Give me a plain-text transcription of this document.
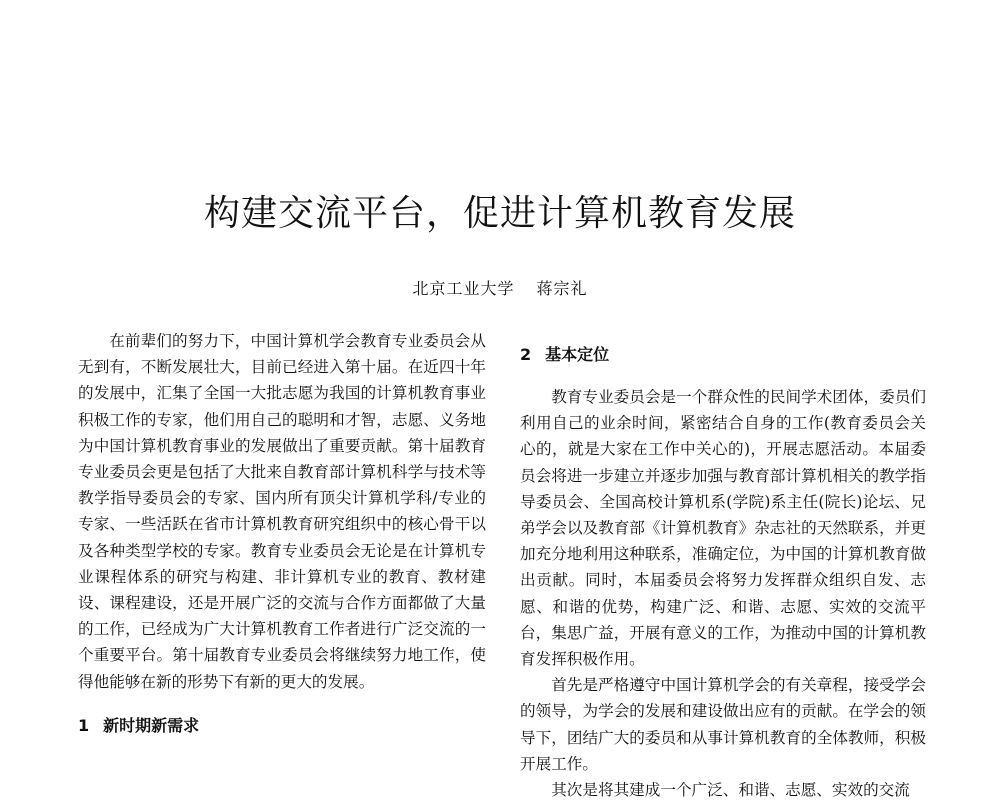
构建交流平台，促进计算机教育发展
北京工业大学 蒋宗礼

在前辈们的努力下，中国计算机学会教育专业委员会从无到有，不断发展壮大，目前已经进入第十届。在近四十年的发展中，汇集了全国一大批志愿为我国的计算机教育事业积极工作的专家，他们用自己的聪明和才智，志愿、义务地为中国计算机教育事业的发展做出了重要贡献。第十届教育专业委员会更是包括了大批来自教育部计算机科学与技术等教学指导委员会的专家、国内所有顶尖计算机学科/专业的专家、一些活跃在省市计算机教育研究组织中的核心骨干以及各种类型学校的专家。教育专业委员会无论是在计算机专业课程体系的研究与构建、非计算机专业的教育、教材建设、课程建设，还是开展广泛的交流与合作方面都做了大量的工作，已经成为广大计算机教育工作者进行广泛交流的一个重要平台。第十届教育专业委员会将继续努力地工作，使得他能够在新的形势下有新的更大的发展。

1 新时期新需求
2 基本定位

教育专业委员会是一个群众性的民间学术团体，委员们利用自己的业余时间，紧密结合自身的工作(教育委员会关心的，就是大家在工作中关心的)，开展志愿活动。本届委员会将进一步建立并逐步加强与教育部计算机相关的教学指导委员会、全国高校计算机系(学院)系主任(院长)论坛、兄弟学会以及教育部《计算机教育》杂志社的天然联系，并更加充分地利用这种联系，准确定位，为中国的计算机教育做出贡献。同时，本届委员会将努力发挥群众组织自发、志愿、和谐的优势，构建广泛、和谐、志愿、实效的交流平台，集思广益，开展有意义的工作，为推动中国的计算机教育发挥积极作用。

首先是严格遵守中国计算机学会的有关章程，接受学会的领导，为学会的发展和建设做出应有的贡献。在学会的领导下，团结广大的委员和从事计算机教育的全体教师，积极开展工作。

其次是将其建成一个广泛、和谐、志愿、实效的交流
